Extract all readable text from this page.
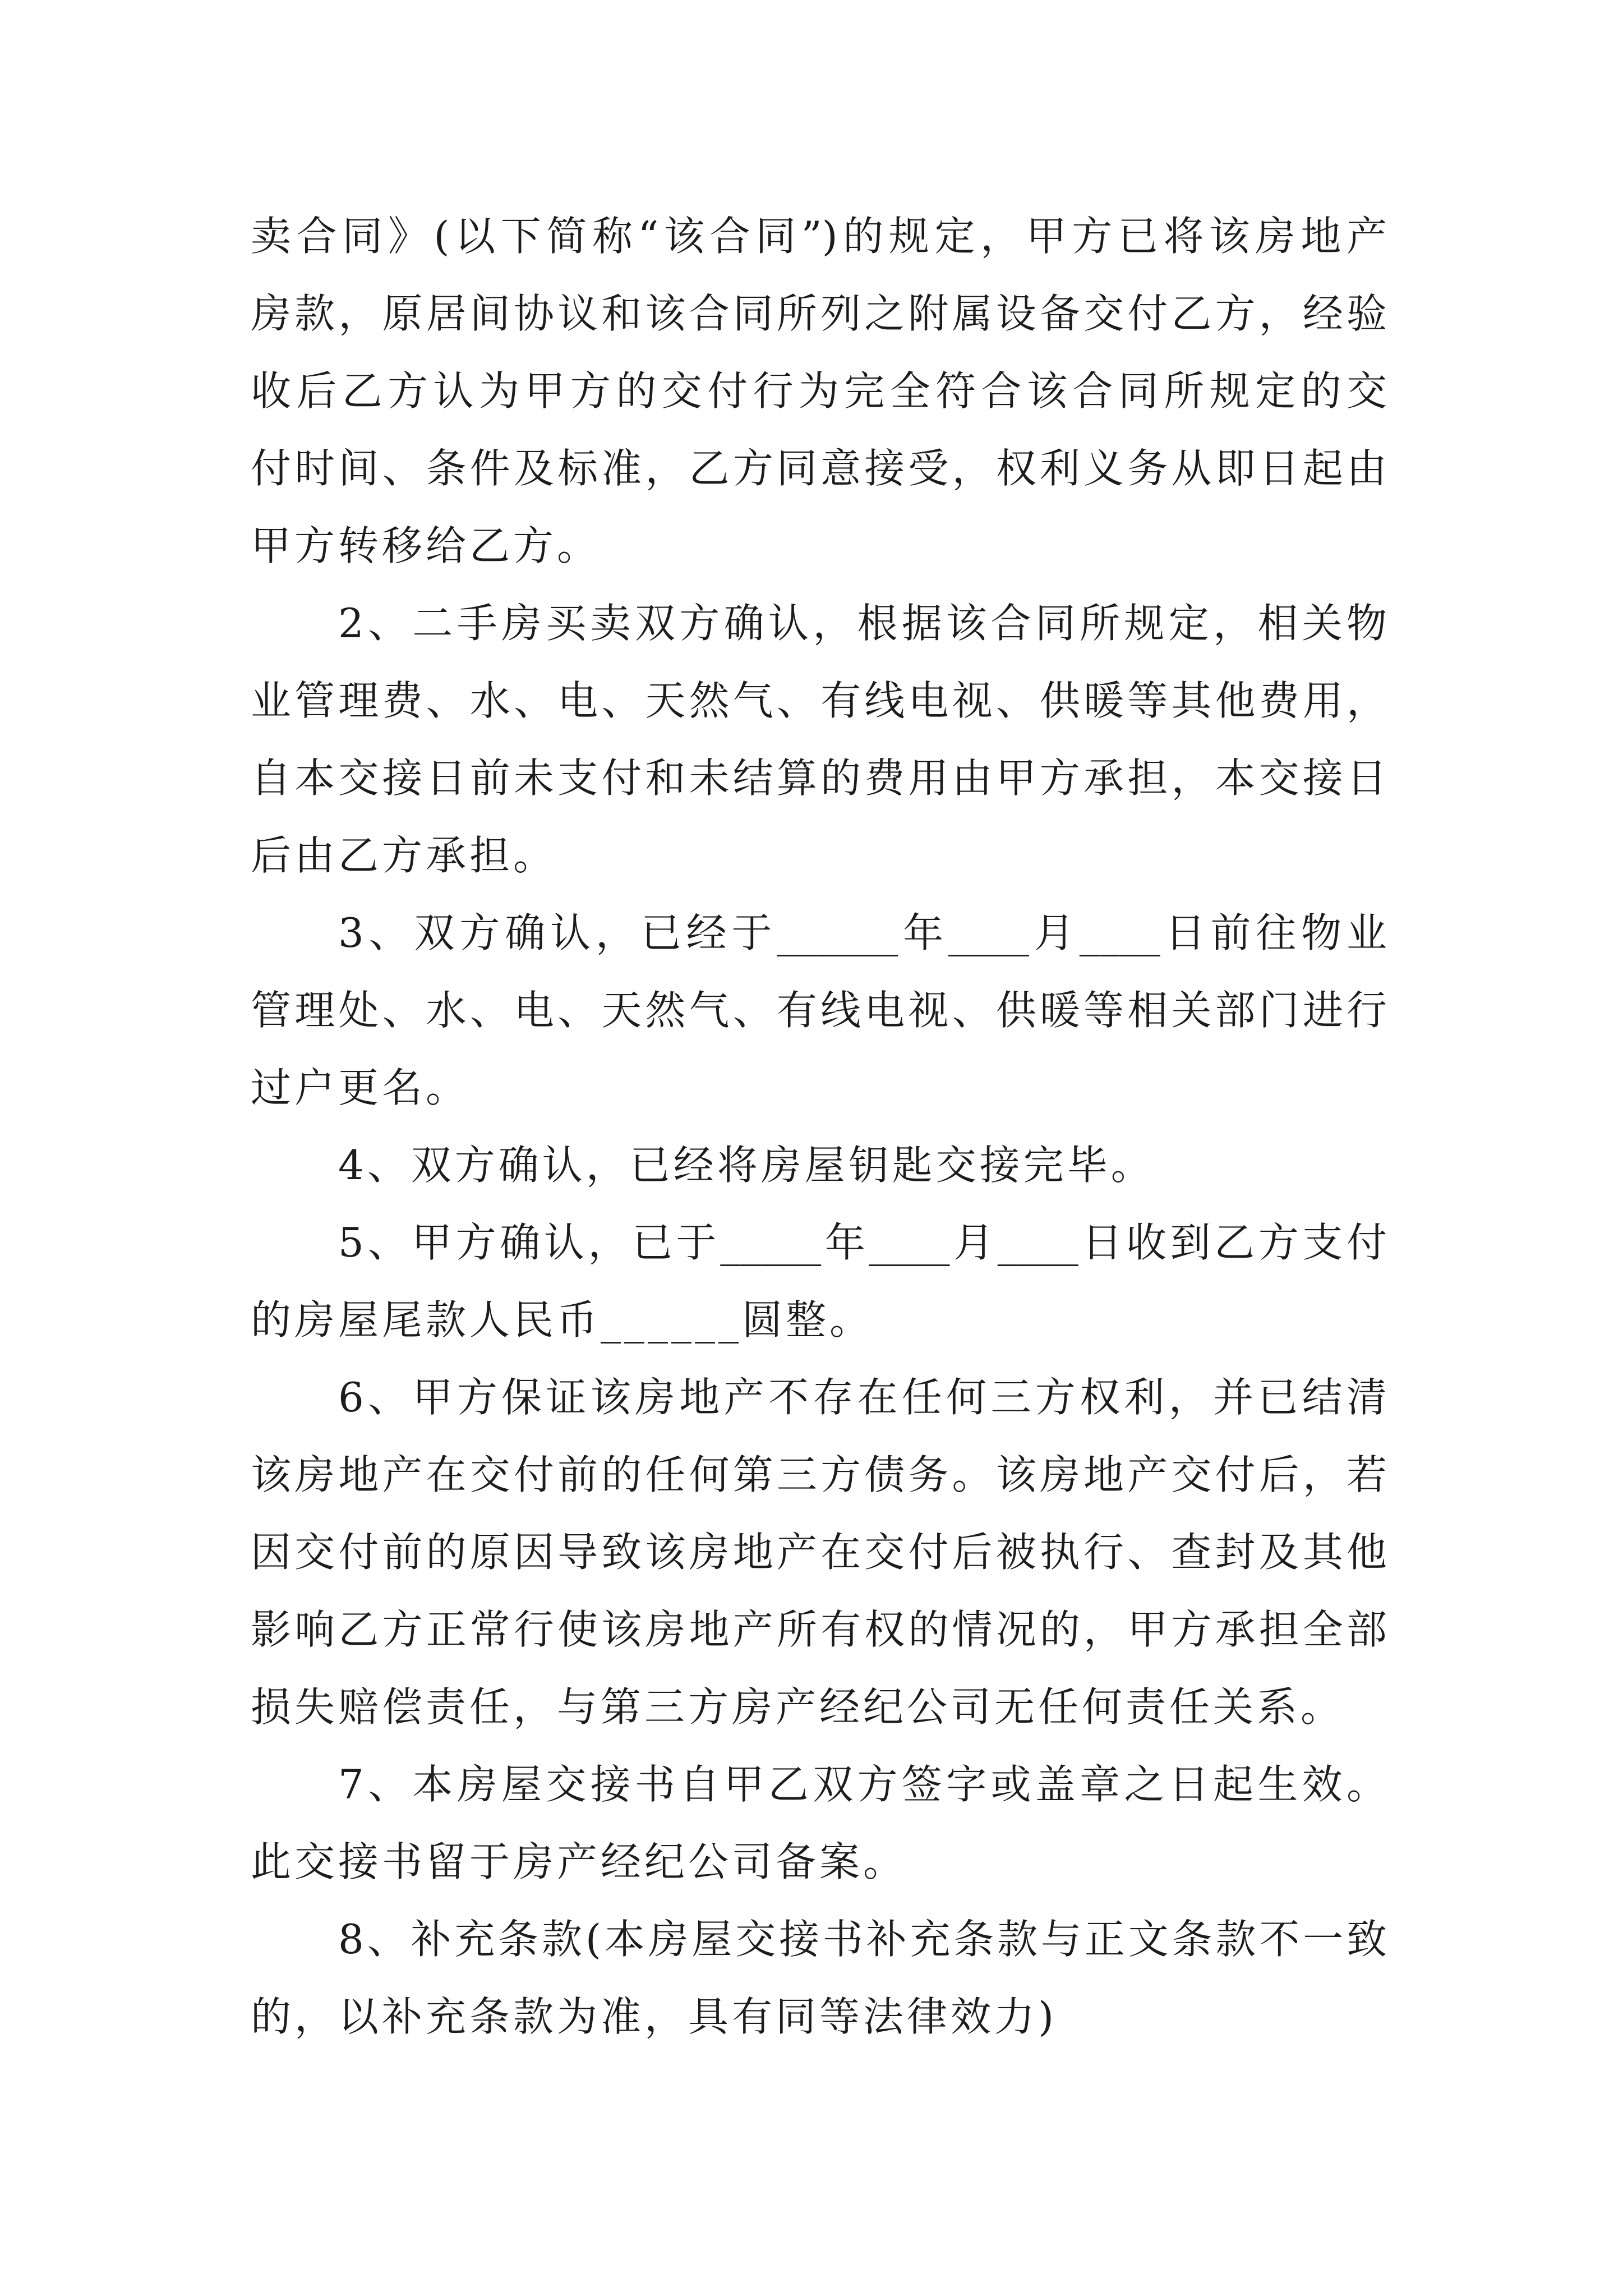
卖合同》(以下简称“该合同”)的规定，甲方已将该房地产
房款，原居间协议和该合同所列之附属设备交付乙方，经验
收后乙方认为甲方的交付行为完全符合该合同所规定的交
付时间、条件及标准，乙方同意接受，权利义务从即日起由
甲方转移给乙方。
2、二手房买卖双方确认，根据该合同所规定，相关物
业管理费、水、电、天然气、有线电视、供暖等其他费用，
自本交接日前未支付和未结算的费用由甲方承担，本交接日
后由乙方承担。
3、双方确认，已经于______年____月____日前往物业
管理处、水、电、天然气、有线电视、供暖等相关部门进行
过户更名。
4、双方确认，已经将房屋钥匙交接完毕。
5、甲方确认，已于_____年____月____日收到乙方支付
的房屋尾款人民币______圆整。
6、甲方保证该房地产不存在任何三方权利，并已结清
该房地产在交付前的任何第三方债务。该房地产交付后，若
因交付前的原因导致该房地产在交付后被执行、查封及其他
影响乙方正常行使该房地产所有权的情况的，甲方承担全部
损失赔偿责任，与第三方房产经纪公司无任何责任关系。
7、本房屋交接书自甲乙双方签字或盖章之日起生效。
此交接书留于房产经纪公司备案。
8、补充条款(本房屋交接书补充条款与正文条款不一致
的，以补充条款为准，具有同等法律效力)
